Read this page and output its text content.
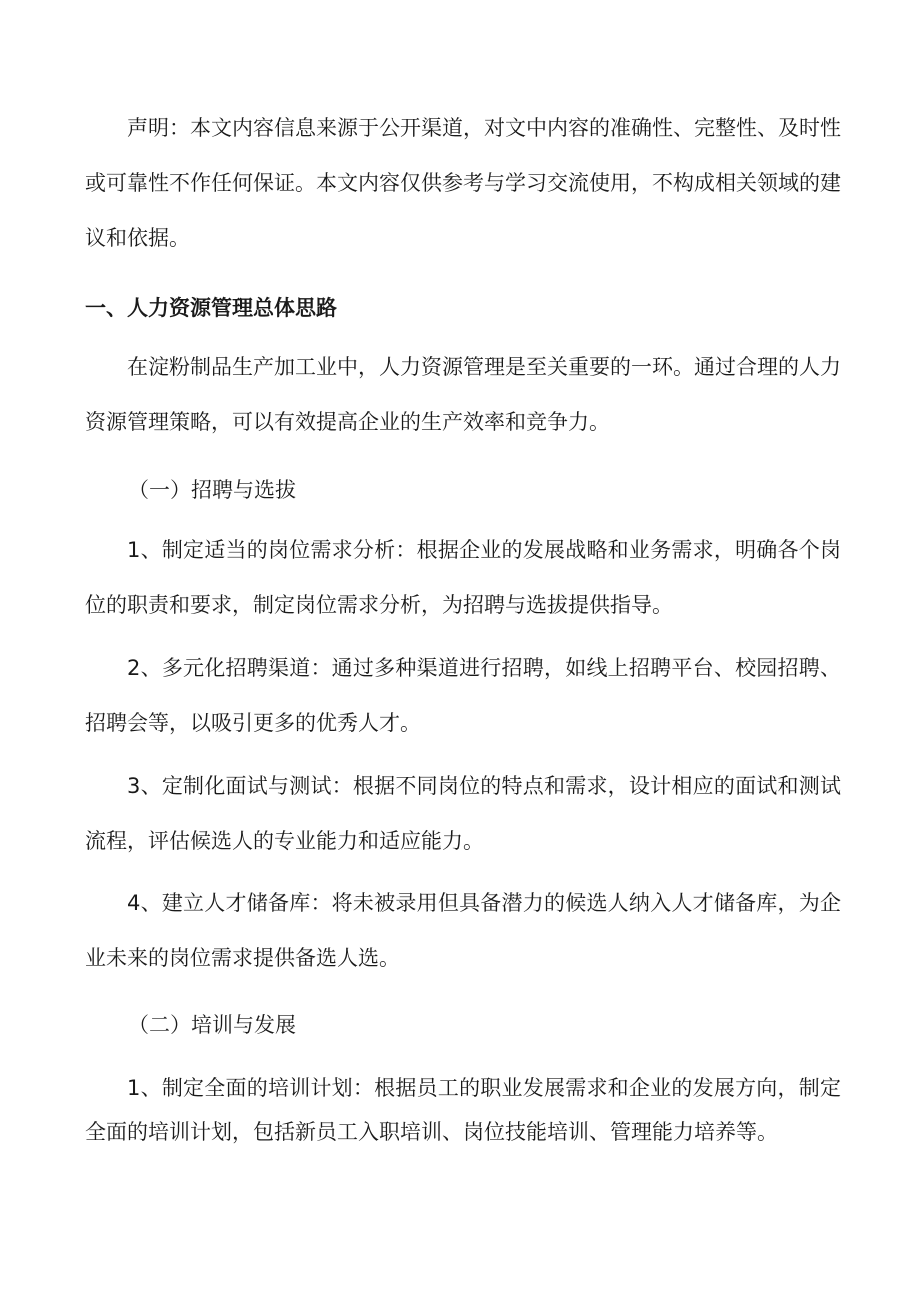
声明：本文内容信息来源于公开渠道，对文中内容的准确性、完整性、及时性或可靠性不作任何保证。本文内容仅供参考与学习交流使用，不构成相关领域的建议和依据。

一、人力资源管理总体思路

在淀粉制品生产加工业中，人力资源管理是至关重要的一环。通过合理的人力资源管理策略，可以有效提高企业的生产效率和竞争力。

（一）招聘与选拔

1、制定适当的岗位需求分析：根据企业的发展战略和业务需求，明确各个岗位的职责和要求，制定岗位需求分析，为招聘与选拔提供指导。

2、多元化招聘渠道：通过多种渠道进行招聘，如线上招聘平台、校园招聘、招聘会等，以吸引更多的优秀人才。

3、定制化面试与测试：根据不同岗位的特点和需求，设计相应的面试和测试流程，评估候选人的专业能力和适应能力。

4、建立人才储备库：将未被录用但具备潜力的候选人纳入人才储备库，为企业未来的岗位需求提供备选人选。

（二）培训与发展

1、制定全面的培训计划：根据员工的职业发展需求和企业的发展方向，制定全面的培训计划，包括新员工入职培训、岗位技能培训、管理能力培养等。
